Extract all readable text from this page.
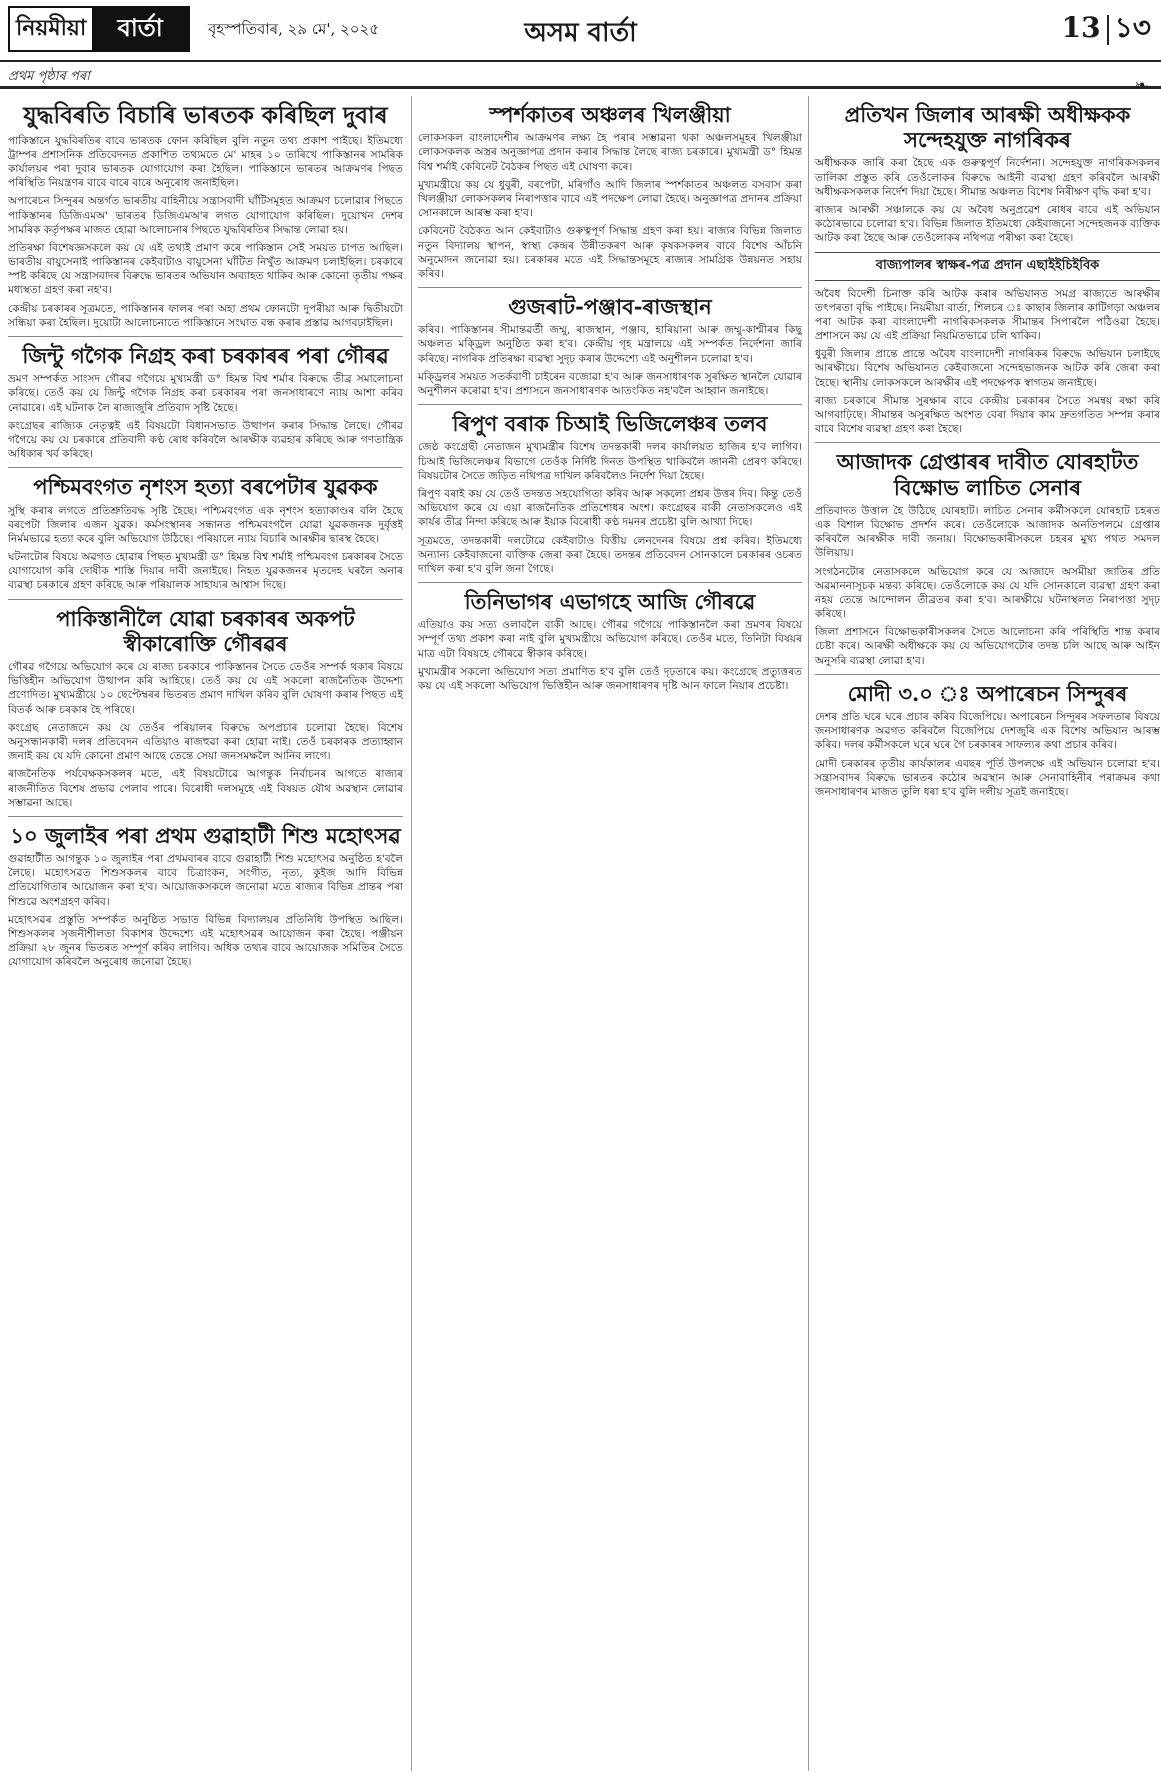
নিয়মীয়া	বার্তা	বৃহস্পতিবাৰ, ২৯ মে', ২০২৫	অসম বাৰ্তা	13 ১৩
প্ৰথম পৃষ্ঠাৰ পৰা
যুদ্ধবিৰতি বিচাৰি ভাৰতক কৰিছিল দুবাৰ

পাকিস্তানে যুদ্ধবিৰতিৰ বাবে ভাৰতক ফোন কৰিছিল বুলি নতুন তথ্য প্ৰকাশ পাইছে। ইতিমধ্যে ট্ৰাম্পৰ প্ৰশাসনিক প্ৰতিবেদনত প্ৰকাশিত তথ্যমতে মে' মাহৰ ১০ তাৰিখে পাকিস্তানৰ সামৰিক কাৰ্যালয়ৰ পৰা দুবাৰ ভাৰতক যোগাযোগ কৰা হৈছিল। পাকিস্তানে ভাৰতৰ আক্ৰমণৰ পিছত পৰিস্থিতি নিয়ন্ত্ৰণৰ বাবে বাৰে বাৰে অনুৰোধ জনাইছিল।

অপাৰেচন সিন্দুৰৰ অন্তৰ্গত ভাৰতীয় বাহিনীয়ে সন্ত্ৰাসবাদী ঘাঁটিসমূহত আক্ৰমণ চলোৱাৰ পিছতে পাকিস্তানৰ ডিজিএমঅ' ভাৰতৰ ডিজিএমঅ'ৰ লগত যোগাযোগ কৰিছিল। দুয়োখন দেশৰ সামৰিক কৰ্তৃপক্ষৰ মাজত হোৱা আলোচনাৰ পিছতে যুদ্ধবিৰতিৰ সিদ্ধান্ত লোৱা হয়।

প্ৰতিৰক্ষা বিশেষজ্ঞসকলে কয় যে এই তথ্যই প্ৰমাণ কৰে পাকিস্তান সেই সময়ত চাপত আছিল। ভাৰতীয় বায়ুসেনাই পাকিস্তানৰ কেইবাটাও বায়ুসেনা ঘাঁটিত নিখুঁত আক্ৰমণ চলাইছিল। চৰকাৰে স্পষ্ট কৰিছে যে সন্ত্ৰাসবাদৰ বিৰুদ্ধে ভাৰতৰ অভিযান অব্যাহত থাকিব আৰু কোনো তৃতীয় পক্ষৰ মধ্যস্থতা গ্ৰহণ কৰা নহ'ব।

কেন্দ্ৰীয় চৰকাৰৰ সূত্ৰমতে, পাকিস্তানৰ ফালৰ পৰা অহা প্ৰথম ফোনটো দুপৰীয়া আৰু দ্বিতীয়টো সন্ধিয়া কৰা হৈছিল। দুয়োটা আলোচনাতে পাকিস্তানে সংঘাত বন্ধ কৰাৰ প্ৰস্তাৱ আগবঢ়াইছিল।

জিন্টু গগৈক নিগ্ৰহ কৰা চৰকাৰৰ পৰা গৌৰৱ

ভ্ৰমণ সম্পৰ্কত সাংসদ গৌৰৱ গগৈয়ে মুখ্যমন্ত্ৰী ড° হিমন্ত বিশ্ব শৰ্মাৰ বিৰুদ্ধে তীব্ৰ সমালোচনা কৰিছে। তেওঁ কয় যে জিন্টু গগৈক নিগ্ৰহ কৰা চৰকাৰৰ পৰা জনসাধাৰণে ন্যায় আশা কৰিব নোৱাৰে। এই ঘটনাক লৈ ৰাজ্যজুৰি প্ৰতিবাদ সৃষ্টি হৈছে।

কংগ্ৰেছৰ ৰাজ্যিক নেতৃত্বই এই বিষয়টো বিধানসভাত উত্থাপন কৰাৰ সিদ্ধান্ত লৈছে। গৌৰৱ গগৈয়ে কয় যে চৰকাৰে প্ৰতিবাদী কণ্ঠ ৰোধ কৰিবলৈ আৰক্ষীক ব্যৱহাৰ কৰিছে আৰু গণতান্ত্ৰিক অধিকাৰ খৰ্ব কৰিছে।

পশ্চিমবংগত নৃশংস হত্যা বৰপেটাৰ যুৱকক

সুস্থি কৰাৰ লগতে প্ৰতিশ্ৰুতিবদ্ধ সৃষ্টি হৈছে। পশ্চিমবংগত এক নৃশংস হত্যাকাণ্ডৰ বলি হৈছে বৰপেটা জিলাৰ এজন যুৱক। কৰ্মসংস্থানৰ সন্ধানত পশ্চিমবংগলৈ যোৱা যুৱকজনক দুৰ্বৃত্তই নিৰ্মমভাৱে হত্যা কৰে বুলি অভিযোগ উঠিছে। পৰিয়ালে ন্যায় বিচাৰি আৰক্ষীৰ দ্বাৰস্থ হৈছে।

ঘটনাটোৰ বিষয়ে অৱগত হোৱাৰ পিছত মুখ্যমন্ত্ৰী ড° হিমন্ত বিশ্ব শৰ্মাই পশ্চিমবংগ চৰকাৰৰ সৈতে যোগাযোগ কৰি দোষীক শাস্তি দিয়াৰ দাবী জনাইছে। নিহত যুৱকজনৰ মৃতদেহ ঘৰলৈ অনাৰ ব্যৱস্থা চৰকাৰে গ্ৰহণ কৰিছে আৰু পৰিয়ালক সাহায্যৰ আশ্বাস দিছে।

পাকিস্তানীলৈ যোৱা চৰকাৰৰ অকপট স্বীকাৰোক্তি গৌৰৱৰ

গৌৰৱ গগৈয়ে অভিযোগ কৰে যে ৰাজ্য চৰকাৰে পাকিস্তানৰ সৈতে তেওঁৰ সম্পৰ্ক থকাৰ বিষয়ে ভিত্তিহীন অভিযোগ উত্থাপন কৰি আহিছে। তেওঁ কয় যে এই সকলো ৰাজনৈতিক উদ্দেশ্য প্ৰণোদিত। মুখ্যমন্ত্ৰীয়ে ১০ ছেপ্টেম্বৰৰ ভিতৰত প্ৰমাণ দাখিল কৰিব বুলি ঘোষণা কৰাৰ পিছত এই বিতৰ্ক আৰু চৰকাৰ হৈ পৰিছে।

কংগ্ৰেছ নেতাজনে কয় যে তেওঁৰ পৰিয়ালৰ বিৰুদ্ধে অপপ্ৰচাৰ চলোৱা হৈছে। বিশেষ অনুসন্ধানকাৰী দলৰ প্ৰতিবেদন এতিয়াও ৰাজহুৱা কৰা হোৱা নাই। তেওঁ চৰকাৰক প্ৰত্যাহ্বান জনাই কয় যে যদি কোনো প্ৰমাণ আছে তেন্তে সেয়া জনসমক্ষলৈ আনিব লাগে।

ৰাজনৈতিক পৰ্যবেক্ষকসকলৰ মতে, এই বিষয়টোৱে আগন্তুক নিৰ্বাচনৰ আগতে ৰাজ্যৰ ৰাজনীতিত বিশেষ প্ৰভাৱ পেলাব পাৰে। বিৰোধী দলসমূহে এই বিষয়ত যৌথ অৱস্থান লোৱাৰ সম্ভাৱনা আছে।

১০ জুলাইৰ পৰা প্ৰথম গুৱাহাটী শিশু মহোৎসৱ

গুৱাহাটীত আগন্তুক ১০ জুলাইৰ পৰা প্ৰথমবাৰৰ বাবে গুৱাহাটী শিশু মহোৎসৱ অনুষ্ঠিত হ'বলৈ লৈছে। মহোৎসৱত শিশুসকলৰ বাবে চিত্ৰাংকন, সংগীত, নৃত্য, কুইজ আদি বিভিন্ন প্ৰতিযোগিতাৰ আয়োজন কৰা হ'ব। আয়োজকসকলে জনোৱা মতে ৰাজ্যৰ বিভিন্ন প্ৰান্তৰ পৰা শিশুৱে অংশগ্ৰহণ কৰিব।

মহোৎসৱৰ প্ৰস্তুতি সম্পৰ্কত অনুষ্ঠিত সভাত বিভিন্ন বিদ্যালয়ৰ প্ৰতিনিধি উপস্থিত আছিল। শিশুসকলৰ সৃজনীশীলতা বিকাশৰ উদ্দেশ্যে এই মহোৎসৱৰ আয়োজন কৰা হৈছে। পঞ্জীয়ন প্ৰক্ৰিয়া ২৮ জুনৰ ভিতৰত সম্পূৰ্ণ কৰিব লাগিব। অধিক তথ্যৰ বাবে আয়োজক সমিতিৰ সৈতে যোগাযোগ কৰিবলৈ অনুৰোধ জনোৱা হৈছে।

স্পৰ্শকাতৰ অঞ্চলৰ খিলঞ্জীয়া

লোকসকল বাংলাদেশীৰ আক্ৰমণৰ লক্ষ্য হৈ পৰাৰ সম্ভাৱনা থকা অঞ্চলসমূহৰ খিলঞ্জীয়া লোকসকলক অস্ত্ৰৰ অনুজ্ঞাপত্ৰ প্ৰদান কৰাৰ সিদ্ধান্ত লৈছে ৰাজ্য চৰকাৰে। মুখ্যমন্ত্ৰী ড° হিমন্ত বিশ্ব শৰ্মাই কেবিনেট বৈঠকৰ পিছত এই ঘোষণা কৰে।

মুখ্যমন্ত্ৰীয়ে কয় যে ধুবুৰী, বৰপেটা, মৰিগাঁও আদি জিলাৰ স্পৰ্শকাতৰ অঞ্চলত বসবাস কৰা খিলঞ্জীয়া লোকসকলৰ নিৰাপত্তাৰ বাবে এই পদক্ষেপ লোৱা হৈছে। অনুজ্ঞাপত্ৰ প্ৰদানৰ প্ৰক্ৰিয়া সোনকালে আৰম্ভ কৰা হ'ব।

কেবিনেট বৈঠকত আন কেইবাটাও গুৰুত্বপূৰ্ণ সিদ্ধান্ত গ্ৰহণ কৰা হয়। ৰাজ্যৰ বিভিন্ন জিলাত নতুন বিদ্যালয় স্থাপন, স্বাস্থ্য কেন্দ্ৰৰ উন্নীতকৰণ আৰু কৃষকসকলৰ বাবে বিশেষ আঁচনি অনুমোদন জনোৱা হয়। চৰকাৰৰ মতে এই সিদ্ধান্তসমূহে ৰাজ্যৰ সামগ্ৰিক উন্নয়নত সহায় কৰিব।

গুজৰাট-পঞ্জাব-ৰাজস্থান

কৰিব। পাকিস্তানৰ সীমান্তৱৰ্তী জম্মু, ৰাজস্থান, পঞ্জাব, হাৰিয়ানা আৰু জম্মু-কাশ্মীৰৰ কিছু অঞ্চলত মক্ড্ৰিল অনুষ্ঠিত কৰা হ'ব। কেন্দ্ৰীয় গৃহ মন্ত্ৰালয়ে এই সম্পৰ্কত নিৰ্দেশনা জাৰি কৰিছে। নাগৰিক প্ৰতিৰক্ষা ব্যৱস্থা সুদৃঢ় কৰাৰ উদ্দেশ্যে এই অনুশীলন চলোৱা হ'ব।

মক্ড্ৰিলৰ সময়ত সতৰ্কবাণী চাইৰেন বজোৱা হ'ব আৰু জনসাধাৰণক সুৰক্ষিত স্থানলৈ যোৱাৰ অনুশীলন কৰোৱা হ'ব। প্ৰশাসনে জনসাধাৰণক আতংকিত নহ'বলৈ আহ্বান জনাইছে।

ৰিপুণ বৰাক চিআই ভিজিলেঞ্চৰ তলব

জেষ্ঠ কংগ্ৰেছী নেতাজন মুখ্যমন্ত্ৰীৰ বিশেষ তদন্তকাৰী দলৰ কাৰ্যালয়ত হাজিৰ হ'ব লাগিব। চিআই ভিজিলেঞ্চৰ বিভাগে তেওঁক নিৰ্দিষ্ট দিনত উপস্থিত থাকিবলৈ জাননী প্ৰেৰণ কৰিছে। বিষয়টোৰ সৈতে জড়িত নথিপত্ৰ দাখিল কৰিবলৈও নিৰ্দেশ দিয়া হৈছে।

ৰিপুণ বৰাই কয় যে তেওঁ তদন্তত সহযোগিতা কৰিব আৰু সকলো প্ৰশ্নৰ উত্তৰ দিব। কিন্তু তেওঁ অভিযোগ কৰে যে এয়া ৰাজনৈতিক প্ৰতিশোধৰ অংশ। কংগ্ৰেছৰ বাকী নেতাসকলেও এই কাৰ্যৰ তীব্ৰ নিন্দা কৰিছে আৰু ইয়াক বিৰোধী কণ্ঠ দমনৰ প্ৰচেষ্টা বুলি আখ্যা দিছে।

সূত্ৰমতে, তদন্তকাৰী দলটোৱে কেইবাটাও বিত্তীয় লেনদেনৰ বিষয়ে প্ৰশ্ন কৰিব। ইতিমধ্যে অন্যান্য কেইবাজনো ব্যক্তিক জেৰা কৰা হৈছে। তদন্তৰ প্ৰতিবেদন সোনকালে চৰকাৰৰ ওচৰত দাখিল কৰা হ'ব বুলি জনা গৈছে।

তিনিভাগৰ এভাগহে আজি গৌৰৱে

এতিয়াও কয় সত্য ওলাবলৈ বাকী আছে। গৌৰৱ গগৈয়ে পাকিস্তানলৈ কৰা ভ্ৰমণৰ বিষয়ে সম্পূৰ্ণ তথ্য প্ৰকাশ কৰা নাই বুলি মুখ্যমন্ত্ৰীয়ে অভিযোগ কৰিছে। তেওঁৰ মতে, তিনিটা বিষয়ৰ মাত্ৰ এটা বিষয়হে গৌৰৱে স্বীকাৰ কৰিছে।

মুখ্যমন্ত্ৰীৰ সকলো অভিযোগ সত্য প্ৰমাণিত হ'ব বুলি তেওঁ দৃঢ়তাৰে কয়। কংগ্ৰেছে প্ৰত্যুত্তৰত কয় যে এই সকলো অভিযোগ ভিত্তিহীন আৰু জনসাধাৰণৰ দৃষ্টি আন ফালে নিয়াৰ প্ৰচেষ্টা।

প্ৰতিখন জিলাৰ আৰক্ষী অধীক্ষকক সন্দেহযুক্ত নাগৰিকৰ

অধীক্ষকক জাৰি কৰা হৈছে এক গুৰুত্বপূৰ্ণ নিৰ্দেশনা। সন্দেহযুক্ত নাগৰিকসকলৰ তালিকা প্ৰস্তুত কৰি তেওঁলোকৰ বিৰুদ্ধে আইনী ব্যৱস্থা গ্ৰহণ কৰিবলৈ আৰক্ষী অধীক্ষকসকলক নিৰ্দেশ দিয়া হৈছে। সীমান্ত অঞ্চলত বিশেষ নিৰীক্ষণ বৃদ্ধি কৰা হ'ব।

ৰাজ্যৰ আৰক্ষী সঞ্চালকে কয় যে অবৈধ অনুপ্ৰৱেশ ৰোধৰ বাবে এই অভিযান কঠোৰভাৱে চলোৱা হ'ব। বিভিন্ন জিলাত ইতিমধ্যে কেইবাজনো সন্দেহজনক ব্যক্তিক আটক কৰা হৈছে আৰু তেওঁলোকৰ নথিপত্ৰ পৰীক্ষা কৰা হৈছে।

বাজ্যপালৰ স্বাক্ষৰ-পত্ৰ প্ৰদান এছাইইচিইবিক

অবৈধ বিদেশী চিনাক্ত কৰি আটক কৰাৰ অভিযানত সমগ্ৰ ৰাজ্যতে আৰক্ষীৰ তৎপৰতা বৃদ্ধি পাইছে। নিয়মীয়া বাৰ্তা, শিলচৰ ঃ কাছাৰ জিলাৰ কাটিগড়া অঞ্চলৰ পৰা আটক কৰা বাংলাদেশী নাগৰিকসকলক সীমান্তৰ সিপাৰলৈ পঠিওৱা হৈছে। প্ৰশাসনে কয় যে এই প্ৰক্ৰিয়া নিয়মিতভাৱে চলি থাকিব।

ধুবুৰী জিলাৰ প্ৰান্তে প্ৰান্তে অবৈধ বাংলাদেশী নাগৰিকৰ বিৰুদ্ধে অভিযান চলাইছে আৰক্ষীয়ে। বিশেষ অভিযানত কেইবাজনো সন্দেহভাজনক আটক কৰি জেৰা কৰা হৈছে। স্থানীয় লোকসকলে আৰক্ষীৰ এই পদক্ষেপক স্বাগতম জনাইছে।

ৰাজ্য চৰকাৰে সীমান্ত সুৰক্ষাৰ বাবে কেন্দ্ৰীয় চৰকাৰৰ সৈতে সমন্বয় ৰক্ষা কৰি আগবাঢ়িছে। সীমান্তৰ অসুৰক্ষিত অংশত বেৰা দিয়াৰ কাম দ্ৰুতগতিত সম্পন্ন কৰাৰ বাবে বিশেষ ব্যৱস্থা গ্ৰহণ কৰা হৈছে।

আজাদক গ্ৰেপ্তাৰৰ দাবীত যোৰহাটত বিক্ষোভ লাচিত সেনাৰ

প্ৰতিবাদত উত্তাল হৈ উঠিছে যোৰহাট। লাচিত সেনাৰ কৰ্মীসকলে যোৰহাট চহৰত এক বিশাল বিক্ষোভ প্ৰদৰ্শন কৰে। তেওঁলোকে আজাদক অনতিপলমে গ্ৰেপ্তাৰ কৰিবলৈ আৰক্ষীক দাবী জনায়। বিক্ষোভকাৰীসকলে চহৰৰ মুখ্য পথত সমদল উলিয়ায়।

সংগঠনটোৰ নেতাসকলে অভিযোগ কৰে যে আজাদে অসমীয়া জাতিৰ প্ৰতি অৱমাননাসূচক মন্তব্য কৰিছে। তেওঁলোকে কয় যে যদি সোনকালে ব্যৱস্থা গ্ৰহণ কৰা নহয় তেন্তে আন্দোলন তীব্ৰতৰ কৰা হ'ব। আৰক্ষীয়ে ঘটনাস্থলত নিৰাপত্তা সুদৃঢ় কৰিছে।

জিলা প্ৰশাসনে বিক্ষোভকাৰীসকলৰ সৈতে আলোচনা কৰি পৰিস্থিতি শান্ত কৰাৰ চেষ্টা কৰে। আৰক্ষী অধীক্ষকে কয় যে অভিযোগটোৰ তদন্ত চলি আছে আৰু আইন অনুসৰি ব্যৱস্থা লোৱা হ'ব।

মোদী ৩.০ ঃ অপাৰেচন সিন্দুৰৰ

দেশৰ প্ৰতি ঘৰে ঘৰে প্ৰচাৰ কৰিব বিজেপিয়ে। অপাৰেচন সিন্দুৰৰ সফলতাৰ বিষয়ে জনসাধাৰণক অৱগত কৰিবলৈ বিজেপিয়ে দেশজুৰি এক বিশেষ অভিযান আৰম্ভ কৰিব। দলৰ কৰ্মীসকলে ঘৰে ঘৰে গৈ চৰকাৰৰ সাফল্যৰ কথা প্ৰচাৰ কৰিব।

মোদী চৰকাৰৰ তৃতীয় কাৰ্যকালৰ এবছৰ পূৰ্তি উপলক্ষে এই অভিযান চলোৱা হ'ব। সন্ত্ৰাসবাদৰ বিৰুদ্ধে ভাৰতৰ কঠোৰ অৱস্থান আৰু সেনাবাহিনীৰ পৰাক্ৰমৰ কথা জনসাধাৰণৰ মাজত তুলি ধৰা হ'ব বুলি দলীয় সূত্ৰই জনাইছে।
